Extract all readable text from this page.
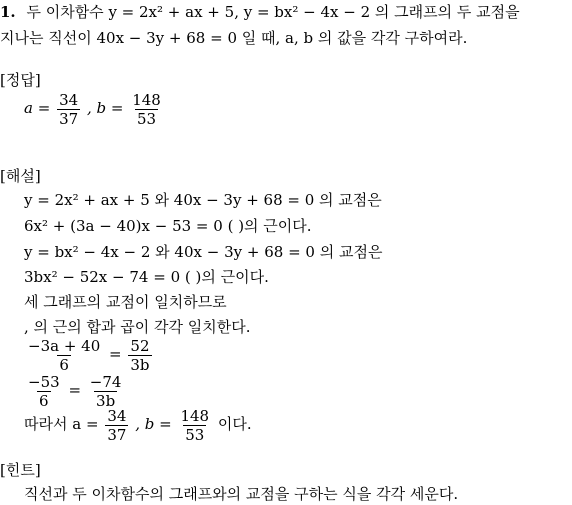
1. 두 이차함수 y = 2x² + ax + 5, y = bx² − 4x − 2 의 그래프의 두 교점을
지나는 직선이 40x − 3y + 68 = 0 일 때, a, b 의 값을 각각 구하여라.
[정답]
$a = \frac{34}{37}$ , $b = \frac{148}{53}$
[해설]
y = 2x² + ax + 5 와 40x − 3y + 68 = 0 의 교점은
6x² + (3a − 40)x − 53 = 0 ( )의 근이다.
y = bx² − 4x − 2 와 40x − 3y + 68 = 0 의 교점은
3bx² − 52x − 74 = 0 ( )의 근이다.
세 그래프의 교점이 일치하므로
, 의 근의 합과 곱이 각각 일치한다.
$\frac{-3a + 40}{6} = \frac{52}{3b}$
$\frac{-53}{6} = \frac{-74}{3b}$
따라서 $a = \frac{34}{37}$ , $b = \frac{148}{53}$ 이다.
[힌트]
직선과 두 이차함수의 그래프와의 교점을 구하는 식을 각각 세운다.
